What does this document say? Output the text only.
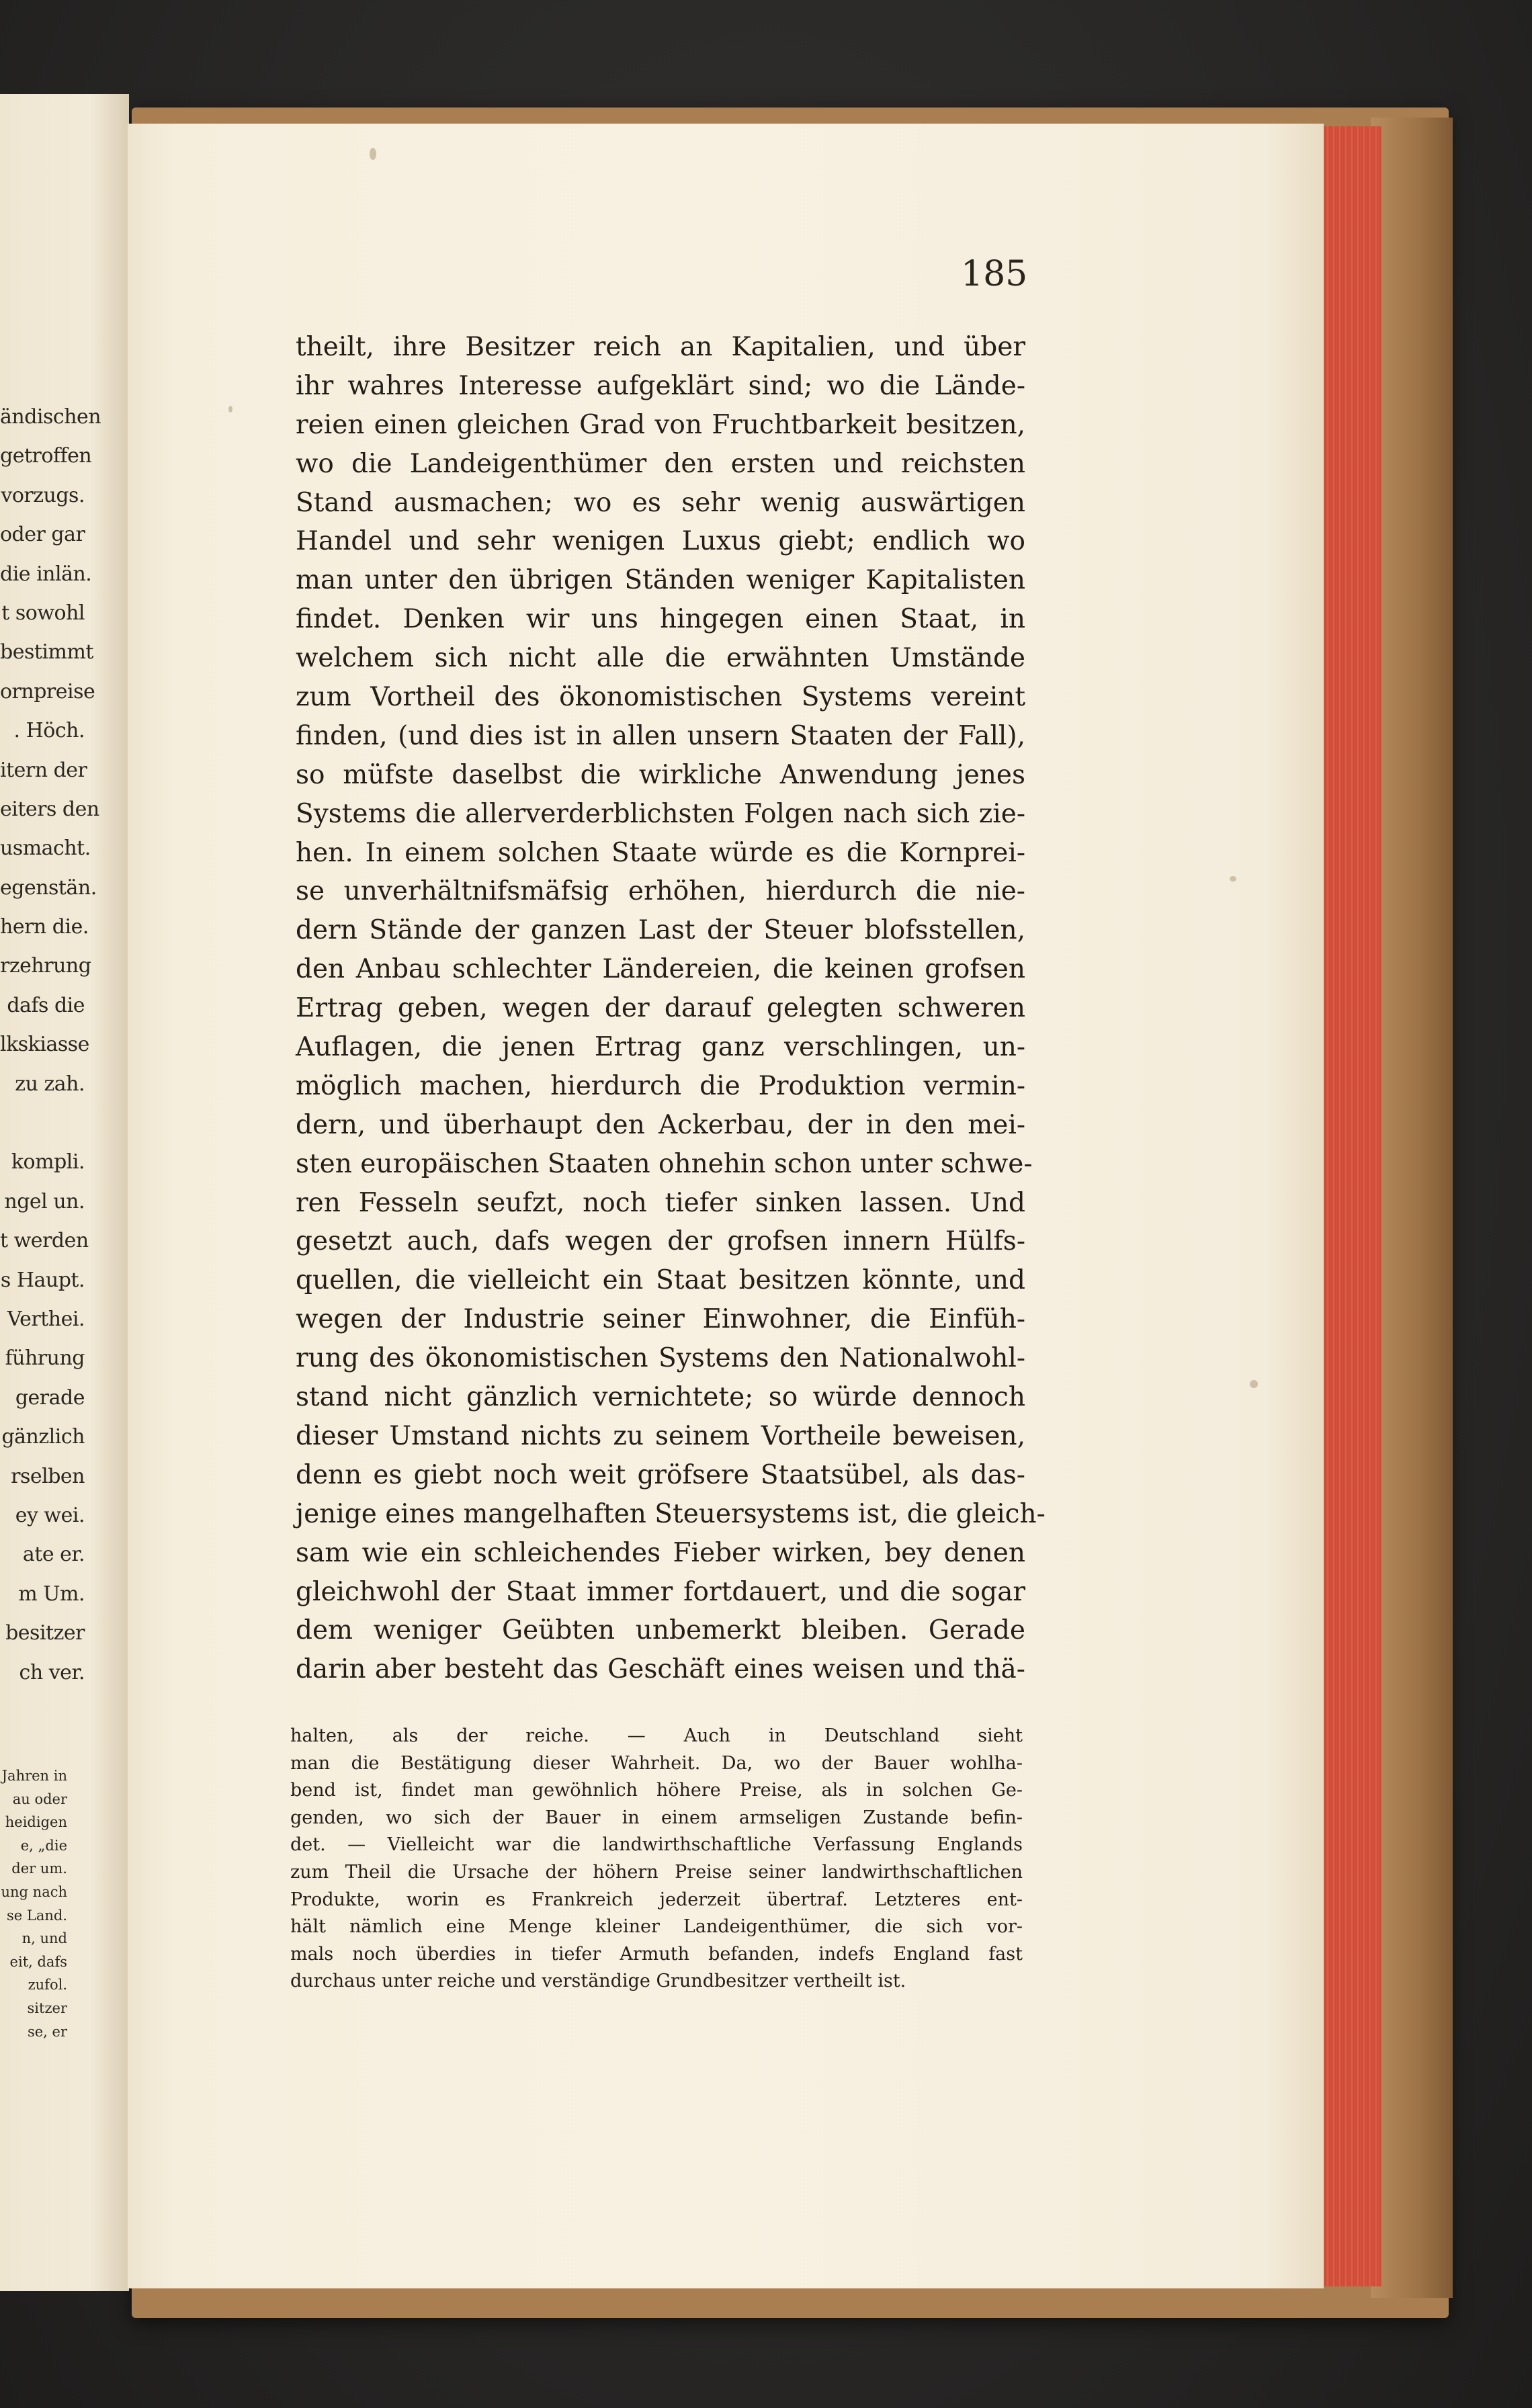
ändischen
getroffen
vorzugs.
oder gar
die inlän.
t sowohl
bestimmt
ornpreise
. Höch.
itern der
eiters den
usmacht.
egenstän.
hern die.
rzehrung
dafs die
lkskiasse
zu zah.
kompli.
ngel un.
t werden
s Haupt.
Verthei.
führung
gerade
gänzlich
rselben
ey wei.
ate er.
m Um.
besitzer
ch ver.
Jahren in
au oder
heidigen
e, „die
der um.
ung nach
se Land.
n, und
eit, dafs
zufol.
sitzer
se, er
185
theilt, ihre Besitzer reich an Kapitalien, und über
ihr wahres Interesse aufgeklärt sind; wo die Lände-
reien einen gleichen Grad von Fruchtbarkeit besitzen,
wo die Landeigenthümer den ersten und reichsten
Stand ausmachen; wo es sehr wenig auswärtigen
Handel und sehr wenigen Luxus giebt; endlich wo
man unter den übrigen Ständen weniger Kapitalisten
findet. Denken wir uns hingegen einen Staat, in
welchem sich nicht alle die erwähnten Umstände
zum Vortheil des ökonomistischen Systems vereint
finden, (und dies ist in allen unsern Staaten der Fall),
so müfste daselbst die wirkliche Anwendung jenes
Systems die allerverderblichsten Folgen nach sich zie-
hen. In einem solchen Staate würde es die Kornprei-
se unverhältnifsmäfsig erhöhen, hierdurch die nie-
dern Stände der ganzen Last der Steuer blofsstellen,
den Anbau schlechter Ländereien, die keinen grofsen
Ertrag geben, wegen der darauf gelegten schweren
Auflagen, die jenen Ertrag ganz verschlingen, un-
möglich machen, hierdurch die Produktion vermin-
dern, und überhaupt den Ackerbau, der in den mei-
sten europäischen Staaten ohnehin schon unter schwe-
ren Fesseln seufzt, noch tiefer sinken lassen. Und
gesetzt auch, dafs wegen der grofsen innern Hülfs-
quellen, die vielleicht ein Staat besitzen könnte, und
wegen der Industrie seiner Einwohner, die Einfüh-
rung des ökonomistischen Systems den Nationalwohl-
stand nicht gänzlich vernichtete; so würde dennoch
dieser Umstand nichts zu seinem Vortheile beweisen,
denn es giebt noch weit gröfsere Staatsübel, als das-
jenige eines mangelhaften Steuersystems ist, die gleich-
sam wie ein schleichendes Fieber wirken, bey denen
gleichwohl der Staat immer fortdauert, und die sogar
dem weniger Geübten unbemerkt bleiben. Gerade
darin aber besteht das Geschäft eines weisen und thä-
halten, als der reiche. — Auch in Deutschland sieht
man die Bestätigung dieser Wahrheit. Da, wo der Bauer wohlha-
bend ist, findet man gewöhnlich höhere Preise, als in solchen Ge-
genden, wo sich der Bauer in einem armseligen Zustande befin-
det. — Vielleicht war die landwirthschaftliche Verfassung Englands
zum Theil die Ursache der höhern Preise seiner landwirthschaftlichen
Produkte, worin es Frankreich jederzeit übertraf. Letzteres ent-
hält nämlich eine Menge kleiner Landeigenthümer, die sich vor-
mals noch überdies in tiefer Armuth befanden, indefs England fast
durchaus unter reiche und verständige Grundbesitzer vertheilt ist.
